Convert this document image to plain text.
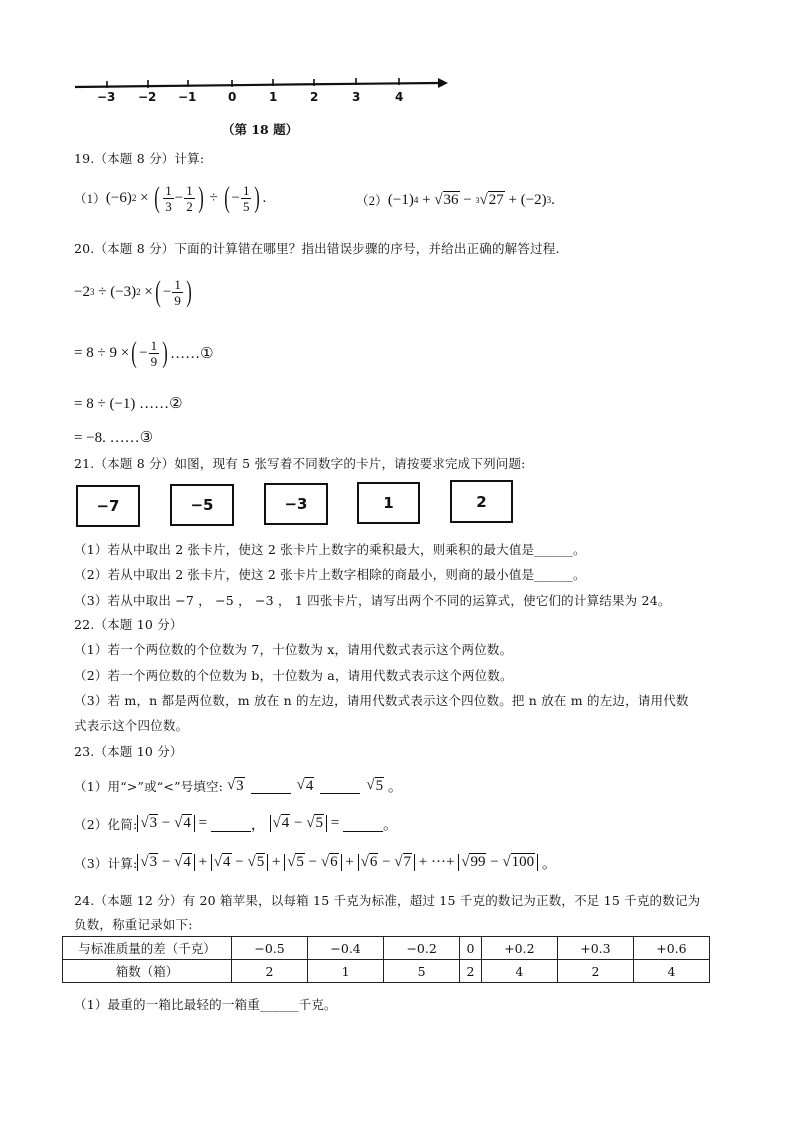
−3 −2 −1	0	1	2	3	4
（第 18 题）
19.（本题 8 分）计算:
（1） ( −6 ) 2 × ( $\frac{1}{3} - \frac{1}{2}$ ) ÷ ( − $\frac{1}{5}$ ) .	（2） ( −1 ) 4 + √ 36 − 3 √ 27 + ( −2 ) 3 .
20.（本题 8 分）下面的计算错在哪里？指出错误步骤的序号，并给出正确的解答过程.
−2 3 ÷ ( −3 ) 2 × ( − $\frac{1}{9}$ )
= 8 ÷ 9 × ( − $\frac{1}{9}$ ) ……①
= 8 ÷ (−1) ……②
= −8. ……③
21.（本题 8 分）如图，现有 5 张写着不同数字的卡片，请按要求完成下列问题:
−7	−5	−3	1	2
（1）若从中取出 2 张卡片，使这 2 张卡片上数字的乘积最大，则乘积的最大值是______。
（2）若从中取出 2 张卡片，使这 2 张卡片上数字相除的商最小，则商的最小值是______。
（3）若从中取出 −7 ， −5 ， −3 ， 1 四张卡片，请写出两个不同的运算式，使它们的计算结果为 24。
22.（本题 10 分）
（1）若一个两位数的个位数为 7，十位数为 x，请用代数式表示这个两位数。
（2）若一个两位数的个位数为 b，十位数为 a，请用代数式表示这个两位数。
（3）若 m，n 都是两位数，m 放在 n 的左边，请用代数式表示这个四位数。把 n 放在 m 的左边，请用代数
式表示这个四位数。
23.（本题 10 分）
（1）用“>”或“<”号填空: √ 3
	√ 4
	√ 5 。
（2）化简: √3 − √4 =
	， √4 − √5 =
	。
（3）计算: √3 − √4 + √4 − √5 + √5 − √6 + √6 − √7 + ··· + √99 − √100 。
24.（本题 12 分）有 20 箱苹果，以每箱 15 千克为标准，超过 15 千克的数记为正数，不足 15 千克的数记为
负数，称重记录如下:
与标准质量的差（千克）	−0.5	−0.4	−0.2	0	+0.2	+0.3	+0.6
箱数（箱）	2	1	5	2	4	2	4
（1）最重的一箱比最轻的一箱重______千克。
